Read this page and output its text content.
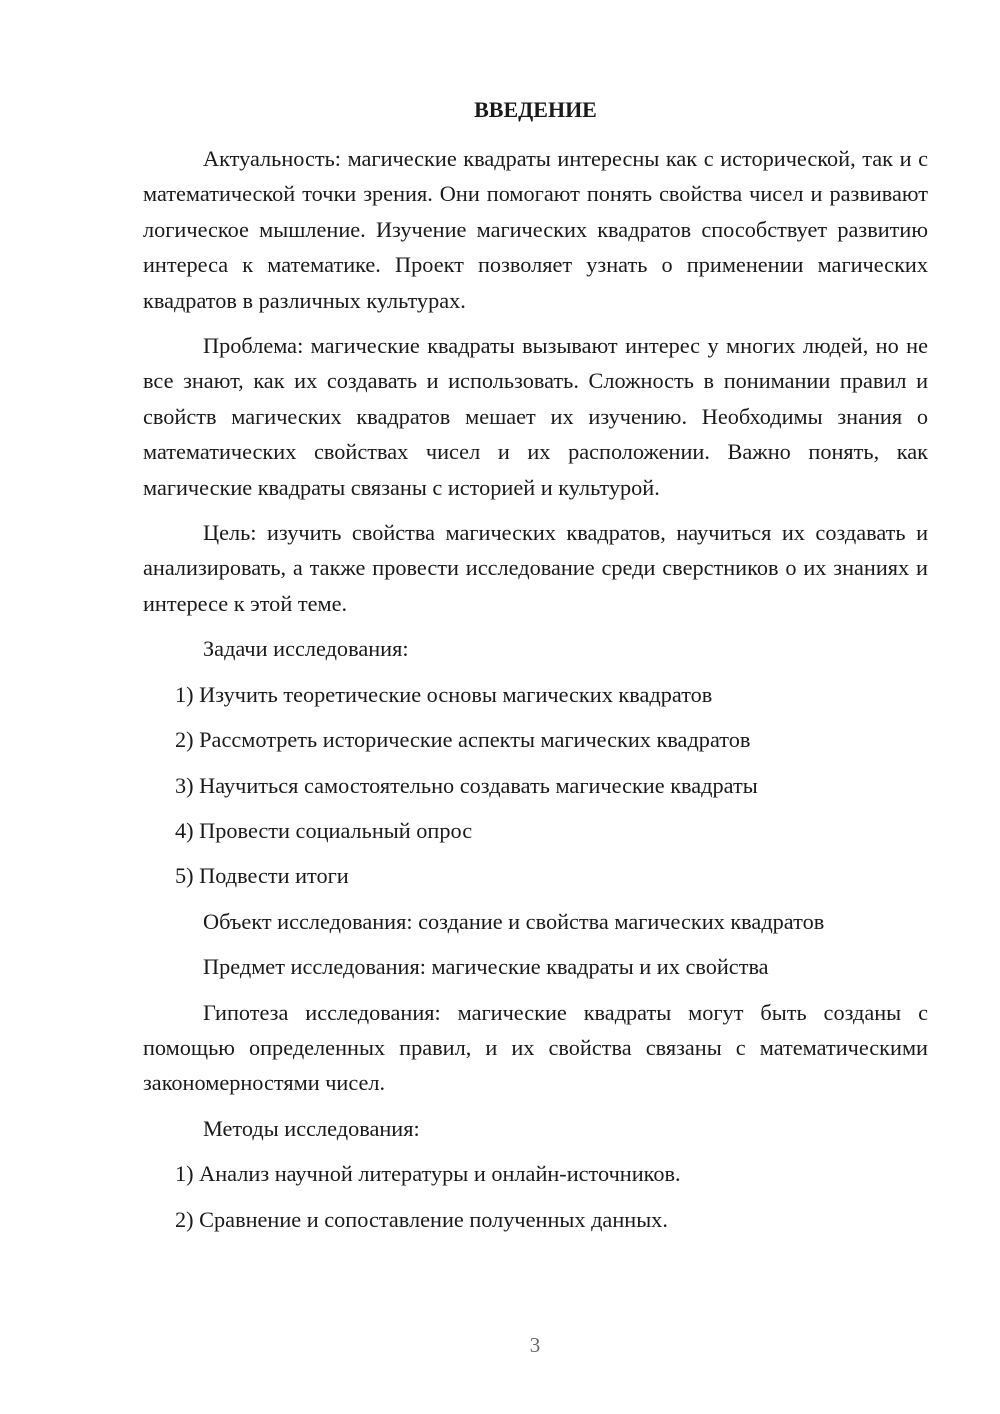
ВВЕДЕНИЕ

Актуальность: магические квадраты интересны как с исторической, так и с математической точки зрения. Они помогают понять свойства чисел и развивают логическое мышление. Изучение магических квадратов способствует развитию интереса к математике. Проект позволяет узнать о применении магических квадратов в различных культурах.

Проблема: магические квадраты вызывают интерес у многих людей, но не все знают, как их создавать и использовать. Сложность в понимании правил и свойств магических квадратов мешает их изучению. Необходимы знания о математических свойствах чисел и их расположении. Важно понять, как магические квадраты связаны с историей и культурой.

Цель: изучить свойства магических квадратов, научиться их создавать и анализировать, а также провести исследование среди сверстников о их знаниях и интересе к этой теме.

Задачи исследования:

1) Изучить теоретические основы магических квадратов

2) Рассмотреть исторические аспекты магических квадратов

3) Научиться самостоятельно создавать магические квадраты

4) Провести социальный опрос

5) Подвести итоги

Объект исследования: создание и свойства магических квадратов

Предмет исследования: магические квадраты и их свойства

Гипотеза исследования: магические квадраты могут быть созданы с помощью определенных правил, и их свойства связаны с математическими закономерностями чисел.

Методы исследования:

1) Анализ научной литературы и онлайн-источников.

2) Сравнение и сопоставление полученных данных.

3
